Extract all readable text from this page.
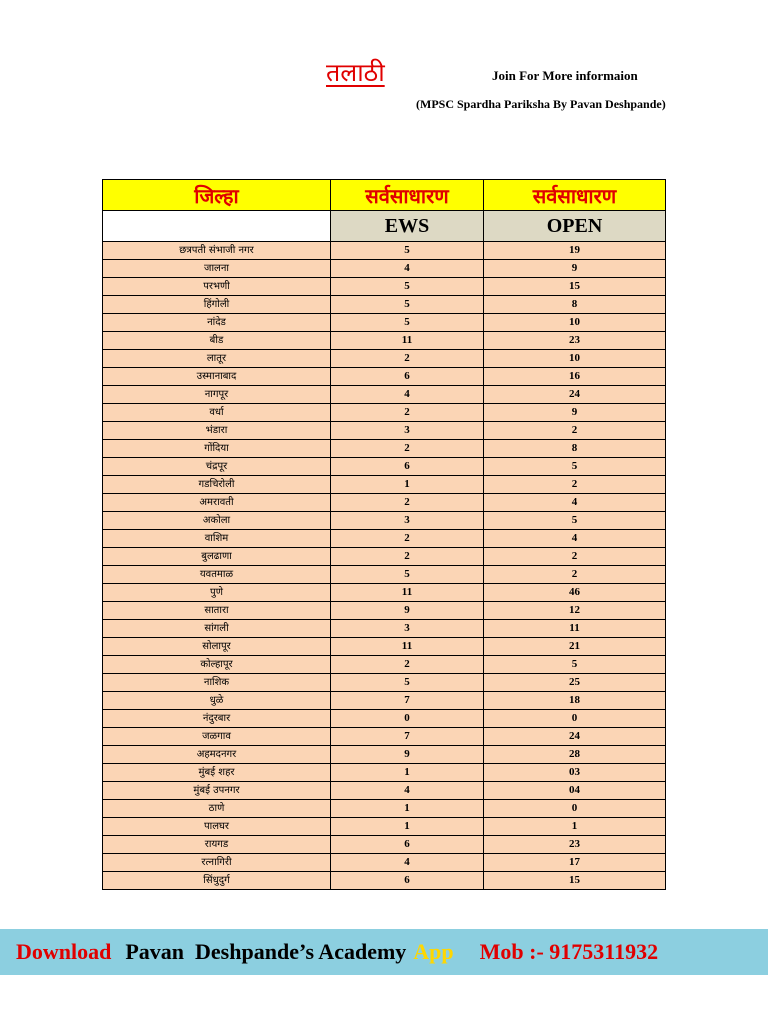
तलाठी	Join For More informaion
(MPSC Spardha Pariksha By Pavan Deshpande)
जिल्हा	सर्वसाधारण	सर्वसाधारण
	EWS	OPEN
छत्रपती संभाजी नगर	5	19
जालना	4	9
परभणी	5	15
हिंगोली	5	8
नांदेड	5	10
बीड	11	23
लातूर	2	10
उस्मानाबाद	6	16
नागपूर	4	24
वर्धा	2	9
भंडारा	3	2
गोंदिया	2	8
चंद्रपूर	6	5
गडचिरोली	1	2
अमरावती	2	4
अकोला	3	5
वाशिम	2	4
बुलढाणा	2	2
यवतमाळ	5	2
पुणे	11	46
सातारा	9	12
सांगली	3	11
सोलापूर	11	21
कोल्हापूर	2	5
नाशिक	5	25
धुळे	7	18
नंदुरबार	0	0
जळगाव	7	24
अहमदनगर	9	28
मुंबई शहर	1	03
मुंबई उपनगर	4	04
ठाणे	1	0
पालघर	1	1
रायगड	6	23
रत्नागिरी	4	17
सिंधुदुर्ग	6	15
Download Pavan  Deshpande’s Academy App Mob :- 9175311932
